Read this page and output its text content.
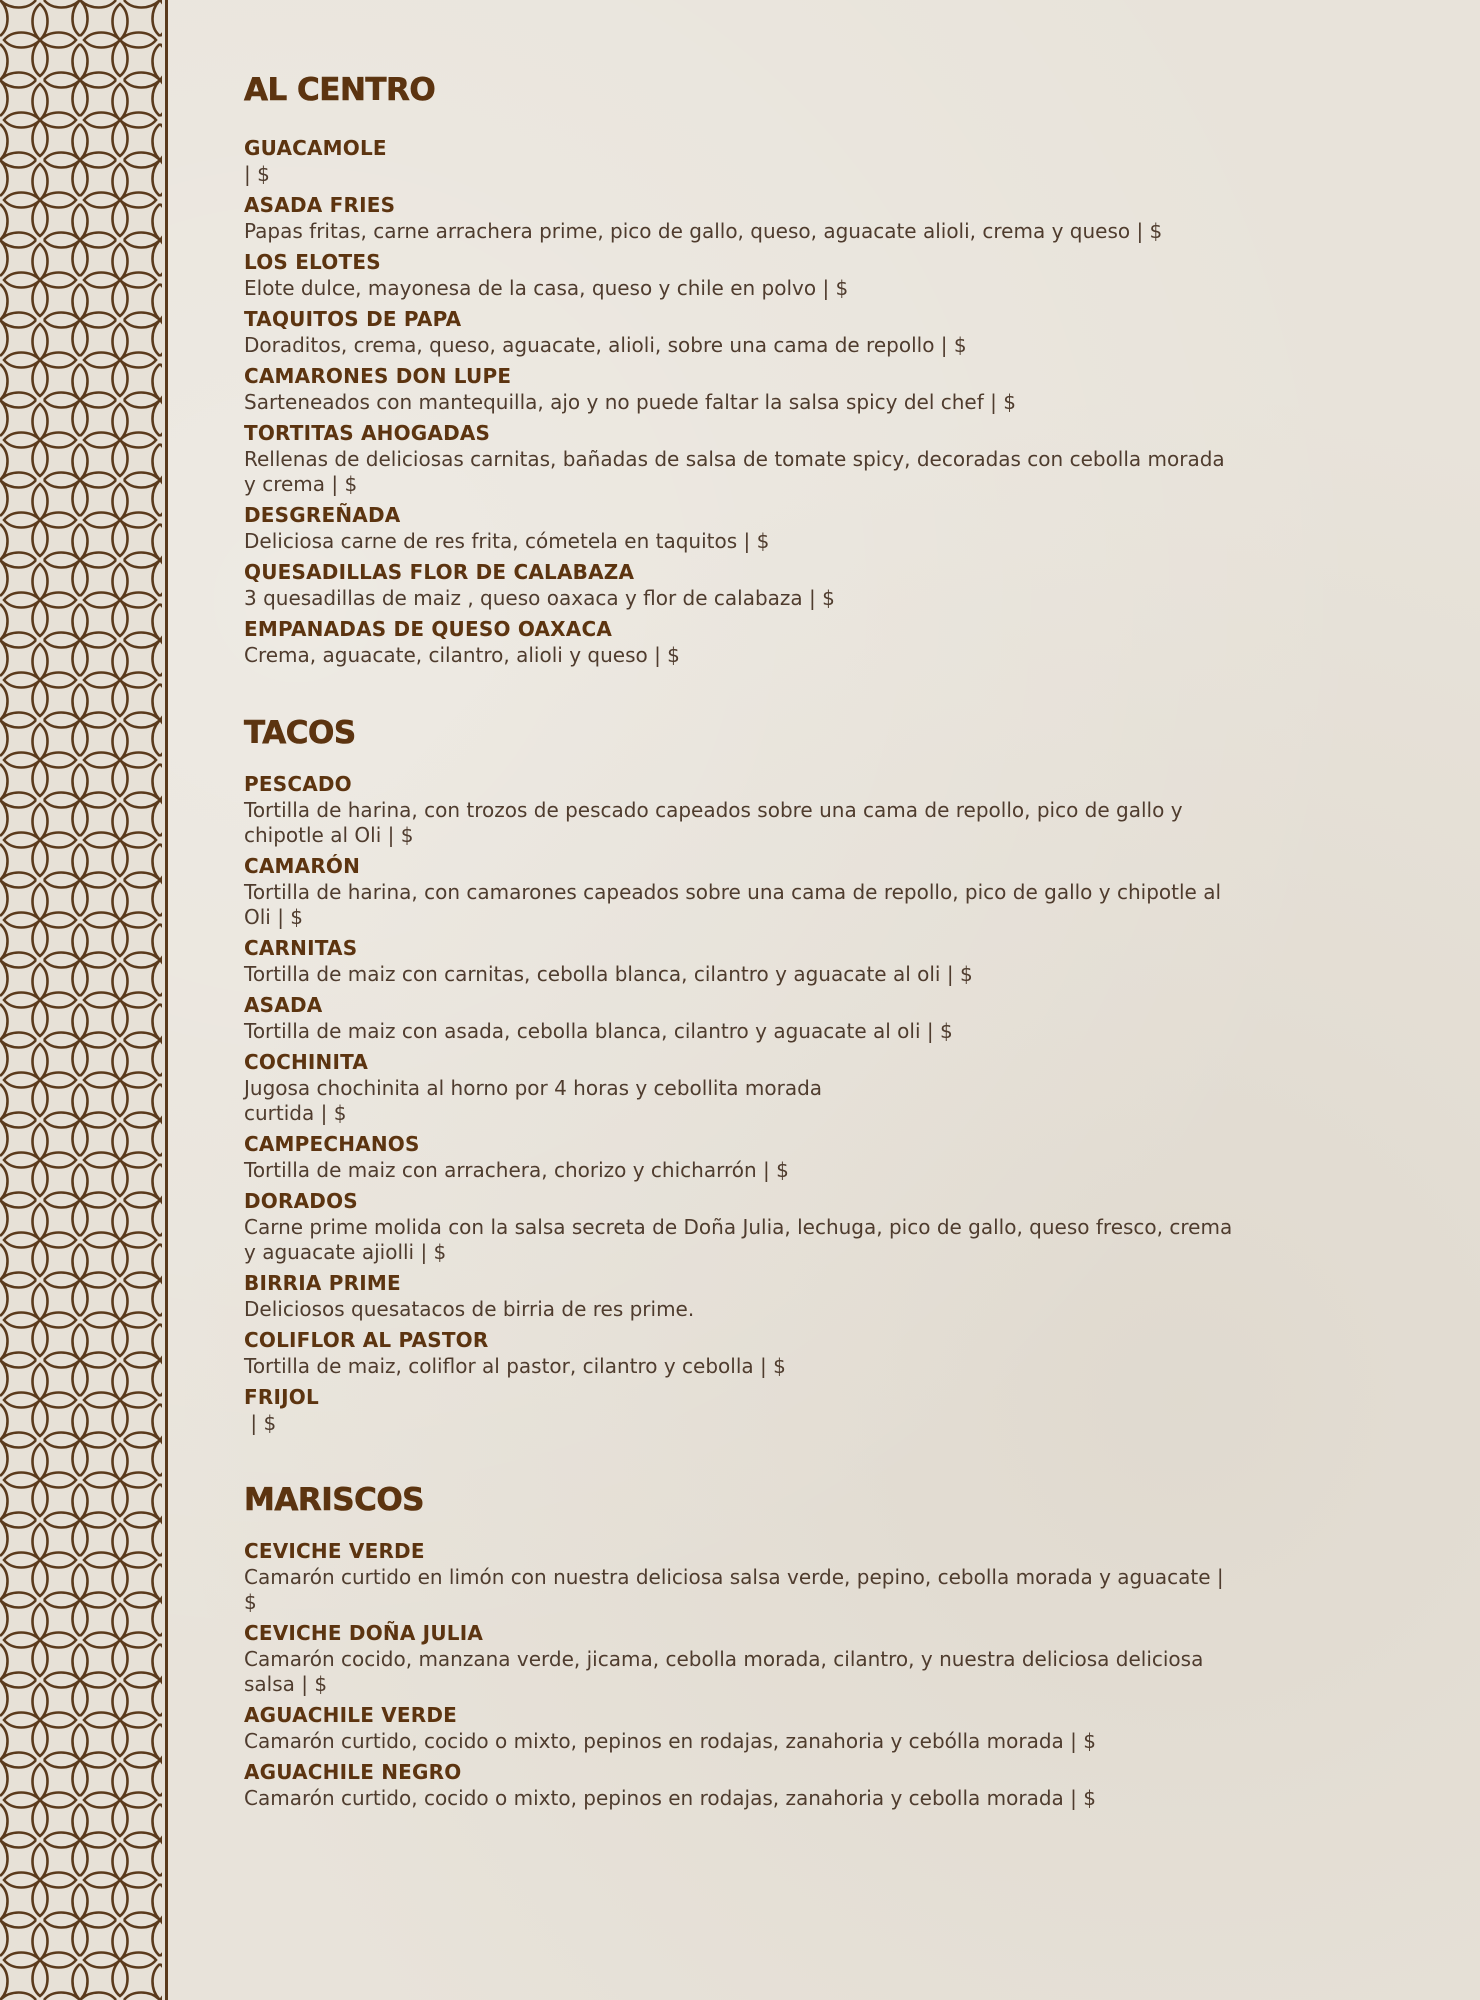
AL CENTRO
GUACAMOLE
| $
ASADA FRIES
Papas fritas, carne arrachera prime, pico de gallo, queso, aguacate alioli, crema y queso | $
LOS ELOTES
Elote dulce, mayonesa de la casa, queso y chile en polvo | $
TAQUITOS DE PAPA
Doraditos, crema, queso, aguacate, alioli, sobre una cama de repollo | $
CAMARONES DON LUPE
Sarteneados con mantequilla, ajo y no puede faltar la salsa spicy del chef | $
TORTITAS AHOGADAS
Rellenas de deliciosas carnitas, bañadas de salsa de tomate spicy, decoradas con cebolla morada y crema | $
DESGREÑADA
Deliciosa carne de res frita, cómetela en taquitos | $
QUESADILLAS FLOR DE CALABAZA
3 quesadillas de maiz , queso oaxaca y flor de calabaza | $
EMPANADAS DE QUESO OAXACA
Crema, aguacate, cilantro, alioli y queso | $
TACOS
PESCADO
Tortilla de harina, con trozos de pescado capeados sobre una cama de repollo, pico de gallo y chipotle al Oli | $
CAMARÓN
Tortilla de harina, con camarones capeados sobre una cama de repollo, pico de gallo y chipotle al Oli | $
CARNITAS
Tortilla de maiz con carnitas, cebolla blanca, cilantro y aguacate al oli | $
ASADA
Tortilla de maiz con asada, cebolla blanca, cilantro y aguacate al oli | $
COCHINITA
Jugosa chochinita al horno por 4 horas y cebollita morada
curtida | $
CAMPECHANOS
Tortilla de maiz con arrachera, chorizo y chicharrón | $
DORADOS
Carne prime molida con la salsa secreta de Doña Julia, lechuga, pico de gallo, queso fresco, crema y aguacate ajiolli | $
BIRRIA PRIME
Deliciosos quesatacos de birria de res prime.
COLIFLOR AL PASTOR
Tortilla de maiz, coliflor al pastor, cilantro y cebolla | $
FRIJOL
| $
MARISCOS
CEVICHE VERDE
Camarón curtido en limón con nuestra deliciosa salsa verde, pepino, cebolla morada y aguacate | $
CEVICHE DOÑA JULIA
Camarón cocido, manzana verde, jicama, cebolla morada, cilantro, y nuestra deliciosa deliciosa salsa | $
AGUACHILE VERDE
Camarón curtido, cocido o mixto, pepinos en rodajas, zanahoria y cebólla morada | $
AGUACHILE NEGRO
Camarón curtido, cocido o mixto, pepinos en rodajas, zanahoria y cebolla morada | $
